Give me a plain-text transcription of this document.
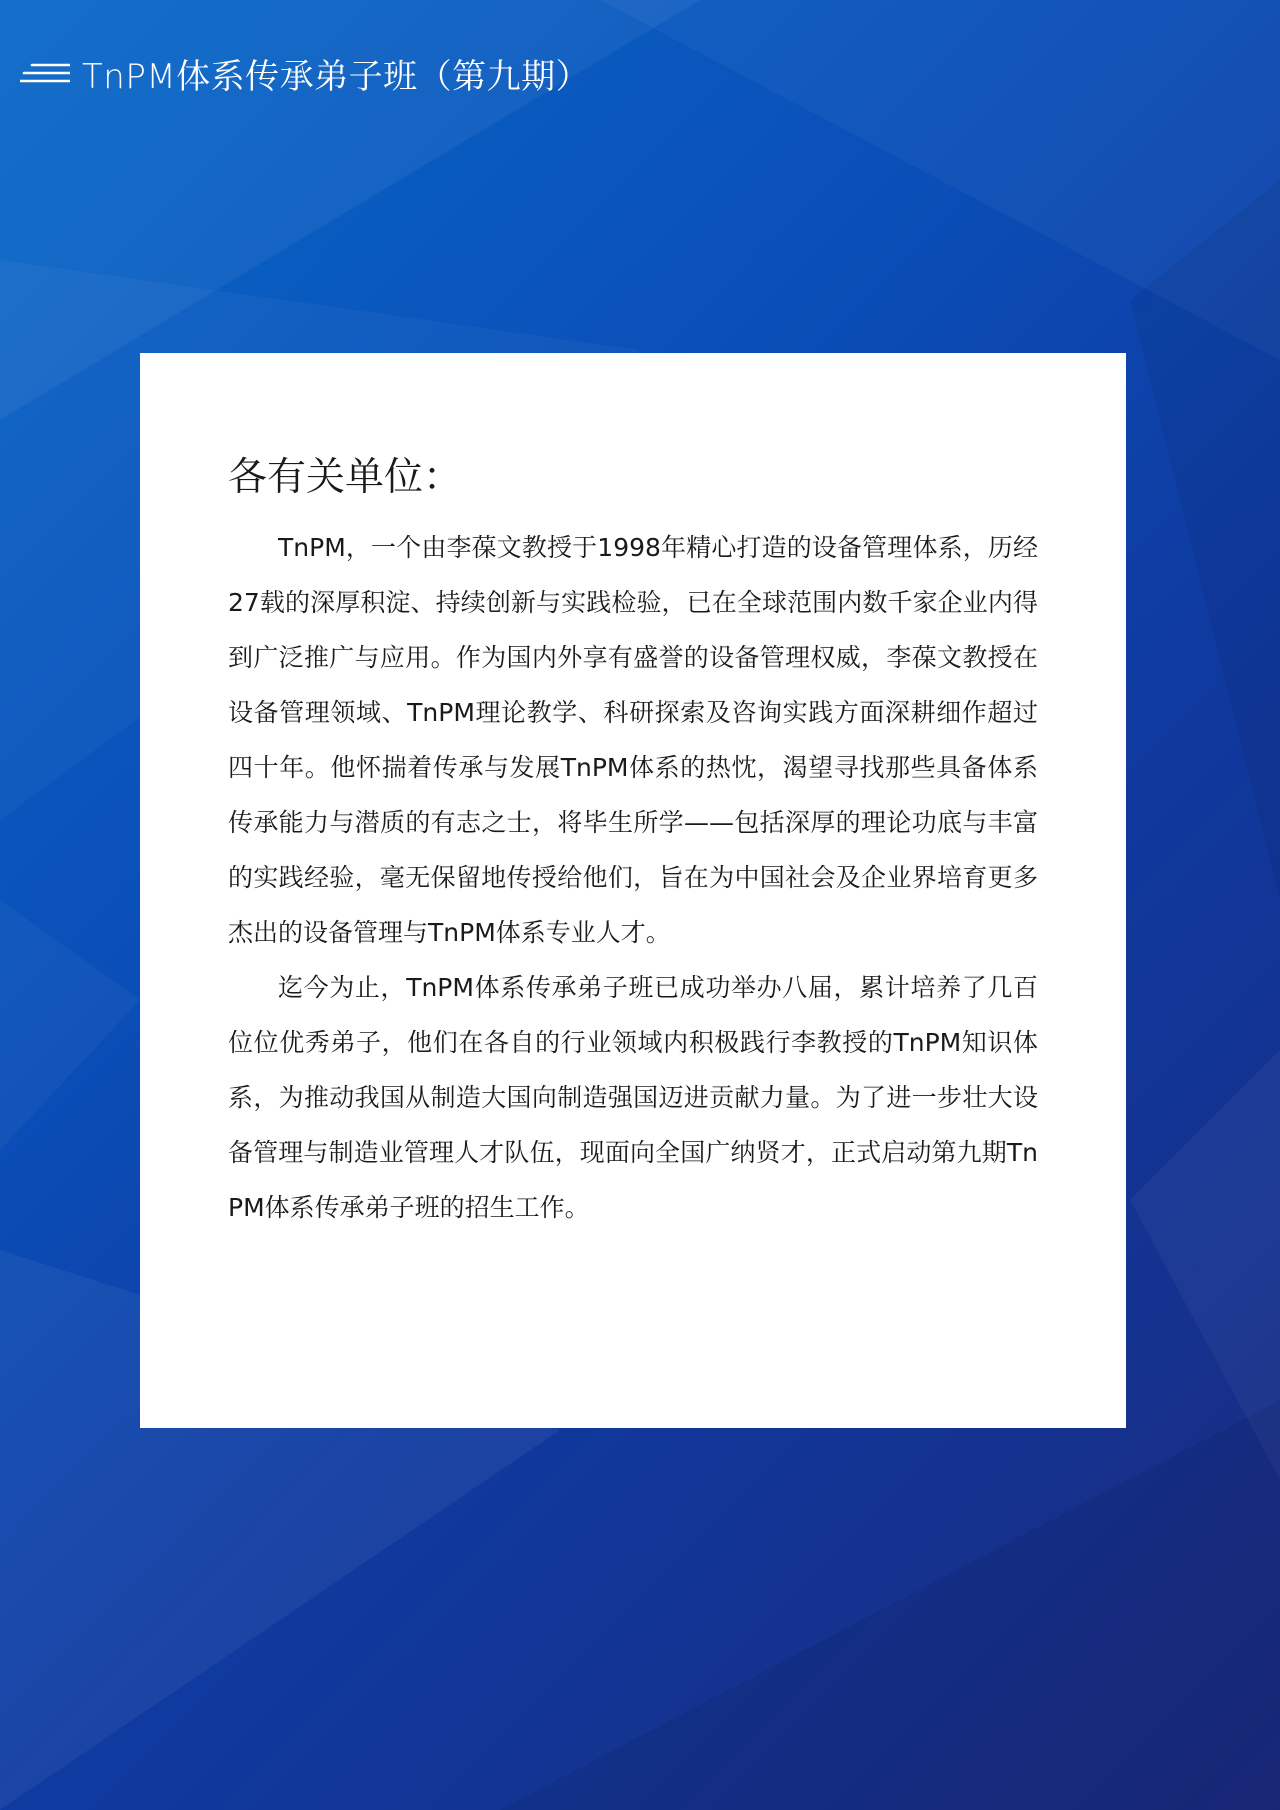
TnPM体系传承弟子班（第九期）
各有关单位：

TnPM，一个由李葆文教授于1998年精心打造的设备管理体系，历经27载的深厚积淀、持续创新与实践检验，已在全球范围内数千家企业内得到广泛推广与应用。作为国内外享有盛誉的设备管理权威，李葆文教授在设备管理领域、TnPM理论教学、科研探索及咨询实践方面深耕细作超过四十年。他怀揣着传承与发展TnPM体系的热忱，渴望寻找那些具备体系传承能力与潜质的有志之士，将毕生所学——包括深厚的理论功底与丰富的实践经验，毫无保留地传授给他们，旨在为中国社会及企业界培育更多杰出的设备管理与TnPM体系专业人才。

迄今为止，TnPM体系传承弟子班已成功举办八届，累计培养了几百位位优秀弟子，他们在各自的行业领域内积极践行李教授的TnPM知识体系，为推动我国从制造大国向制造强国迈进贡献力量。为了进一步壮大设备管理与制造业管理人才队伍，现面向全国广纳贤才，正式启动第九期TnPM体系传承弟子班的招生工作。
